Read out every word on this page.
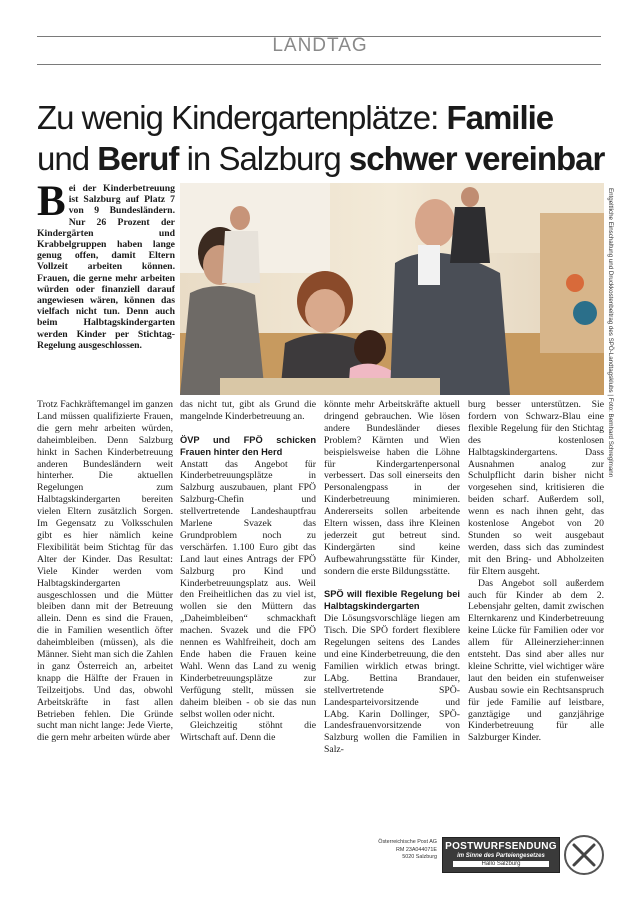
LANDTAG
Zu wenig Kindergartenplätze: Familie
und Beruf in Salzburg schwer vereinbar
Bei der Kinderbetreuung ist Salzburg auf Platz 7 von 9 Bundesländern. Nur 26 Prozent der Kindergärten und Krabbelgruppen haben lange genug offen, damit Eltern Vollzeit arbeiten können. Frauen, die gerne mehr arbeiten würden oder finanziell darauf angewiesen wären, können das vielfach nicht tun. Denn auch beim Halbtagskindergarten werden Kinder per Stichtag-Regelung ausgeschlossen.	Entgeltliche Einschaltung und Druckkostenbeitrag des SPÖ-Landtagsklubs | Foto: Bernhard Schreglmann

Trotz Fachkräftemangel im ganzen Land müssen qualifizierte Frauen, die gern mehr arbeiten würden, daheimbleiben. Denn Salzburg hinkt in Sachen Kinderbetreuung anderen Bundesländern weit hinterher. Die aktuellen Regelungen zum Halbtagskindergarten bereiten vielen Eltern zusätzlich Sorgen. Im Gegensatz zu Volksschulen gibt es hier nämlich keine Flexibilität beim Stichtag für das Alter der Kinder. Das Resultat: Viele Kinder werden vom Halbtagskindergarten ausgeschlossen und die Mütter bleiben dann mit der Betreuung allein. Denn es sind die Frauen, die in Familien wesentlich öfter daheimbleiben (müssen), als die Männer. Sieht man sich die Zahlen in ganz Österreich an, arbeitet knapp die Hälfte der Frauen in Teilzeitjobs. Und das, obwohl Arbeitskräfte in fast allen Betrieben fehlen. Die Gründe sucht man nicht lange: Jede Vierte, die gern mehr arbeiten würde aber

das nicht tut, gibt als Grund die mangelnde Kinderbetreuung an.

ÖVP und FPÖ schicken Frauen hinter den Herd

Anstatt das Angebot für Kinderbetreuungsplätze in Salzburg auszubauen, plant FPÖ Salzburg-Chefin und stellvertretende Landeshauptfrau Marlene Svazek das Grundproblem noch zu verschärfen. 1.100 Euro gibt das Land laut eines Antrags der FPÖ Salzburg pro Kind und Kinderbetreuungsplatz aus. Weil den Freiheitlichen das zu viel ist, wollen sie den Müttern das „Daheimbleiben“ schmackhaft machen. Svazek und die FPÖ nennen es Wahlfreiheit, doch am Ende haben die Frauen keine Wahl. Wenn das Land zu wenig Kinderbetreuungsplätze zur Verfügung stellt, müssen sie daheim bleiben - ob sie das nun selbst wollen oder nicht.

Gleichzeitig stöhnt die Wirtschaft auf. Denn die

könnte mehr Arbeitskräfte aktuell dringend gebrauchen. Wie lösen andere Bundesländer dieses Problem? Kärnten und Wien beispielsweise haben die Löhne für Kindergartenpersonal verbessert. Das soll einerseits den Personalengpass in der Kinderbetreuung minimieren. Andererseits sollen arbeitende Eltern wissen, dass ihre Kleinen jederzeit gut betreut sind. Kindergärten sind keine Aufbewahrungsstätte für Kinder, sondern die erste Bildungsstätte.

SPÖ will flexible Regelung bei Halbtagskindergarten

Die Lösungsvorschläge liegen am Tisch. Die SPÖ fordert flexiblere Regelungen seitens des Landes und eine Kinderbetreuung, die den Familien wirklich etwas bringt. LAbg. Bettina Brandauer, stellvertretende SPÖ-Landesparteivorsitzende und LAbg. Karin Dollinger, SPÖ-Landesfrauenvorsitzende von Salzburg wollen die Familien in Salz-

burg besser unterstützen. Sie fordern von Schwarz-Blau eine flexible Regelung für den Stichtag des kostenlosen Halbtagskindergartens. Dass Ausnahmen analog zur Schulpflicht darin bisher nicht vorgesehen sind, kritisieren die beiden scharf. Außerdem soll, wenn es nach ihnen geht, das kostenlose Angebot von 20 Stunden so weit ausgebaut werden, dass sich das zumindest mit den Bring- und Abholzeiten für Eltern ausgeht.

Das Angebot soll außerdem auch für Kinder ab dem 2. Lebensjahr gelten, damit zwischen Elternkarenz und Kinderbetreuung keine Lücke für Familien oder vor allem für Alleinerzieher:innen entsteht. Das sind aber alles nur kleine Schritte, viel wichtiger wäre laut den beiden ein stufenweiser Ausbau sowie ein Rechtsanspruch für jede Familie auf leistbare, ganztägige und ganzjährige Kinderbetreuung für alle Salzburger Kinder.

Österreichische Post AG
RM 23A044071E
5020 Salzburg
POSTWURFSENDUNG
im Sinne des Parteiengesetzes
Hallo Salzburg
